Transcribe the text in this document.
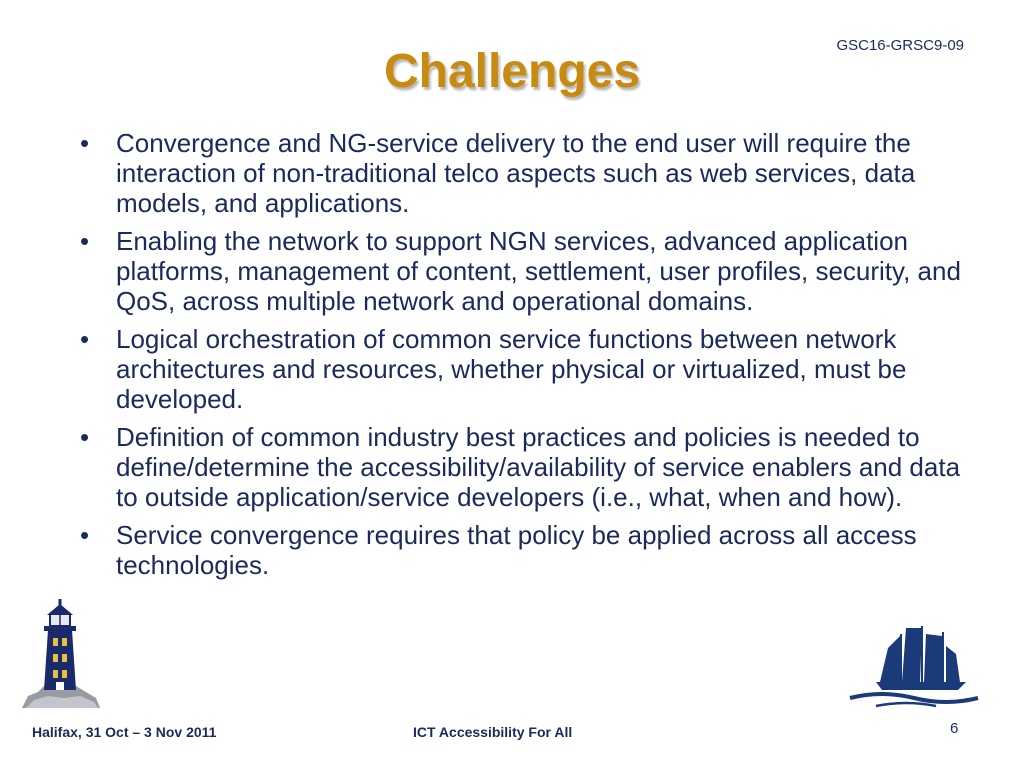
GSC16-GRSC9-09
Challenges
• Convergence and NG-service delivery to the end user will require the interaction of non-traditional telco aspects such as web services, data models, and applications.
• Enabling the network to support NGN services, advanced application platforms, management of content, settlement, user profiles, security, and QoS, across multiple network and operational domains.
• Logical orchestration of common service functions between network architectures and resources, whether physical or virtualized, must be developed.
• Definition of common industry best practices and policies is needed to define/determine the accessibility/availability of service enablers and data to outside application/service developers (i.e., what, when and how).
• Service convergence requires that policy be applied across all access technologies.
Halifax, 31 Oct – 3 Nov 2011	ICT Accessibility For All	6
